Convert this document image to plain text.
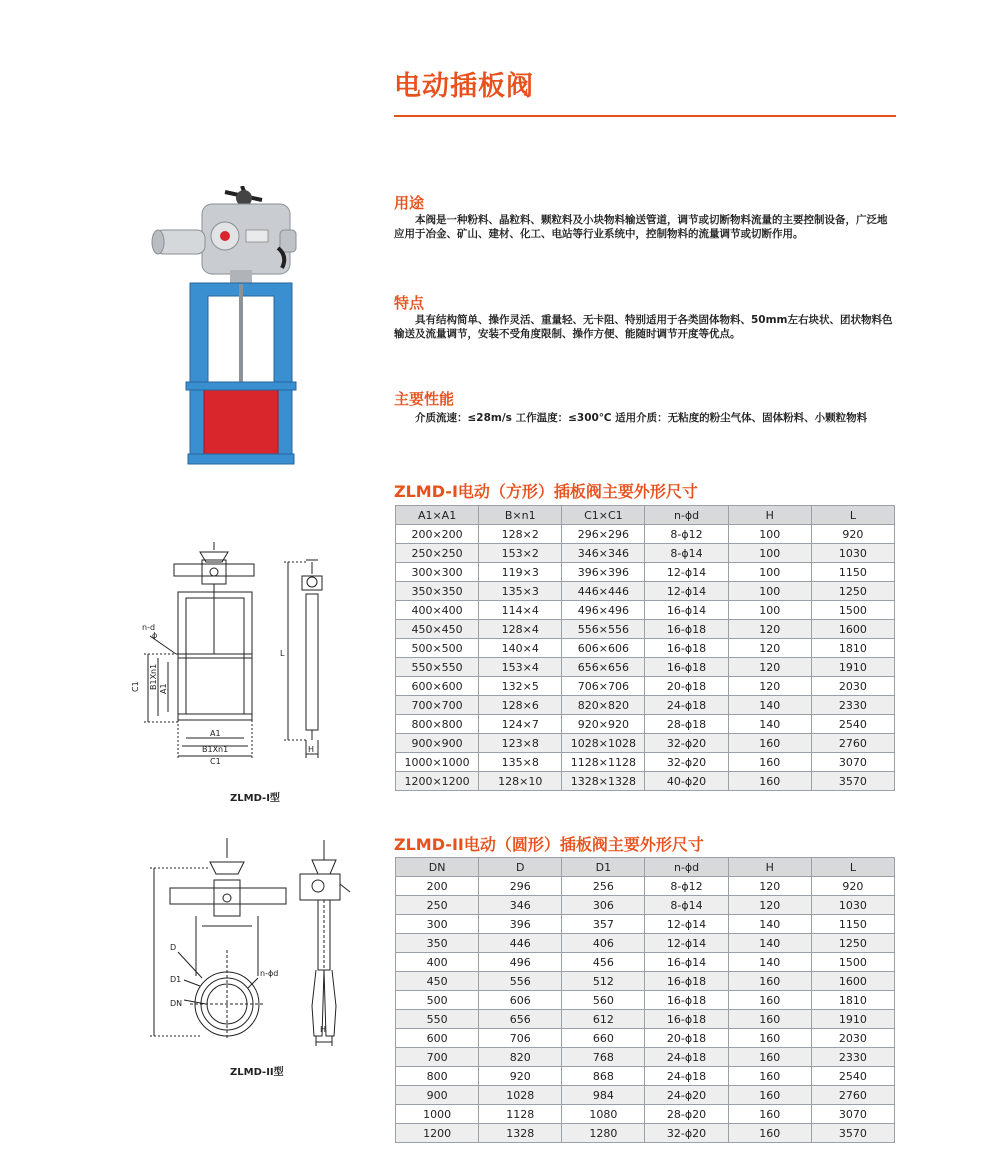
电动插板阀
用途
本阀是一种粉料、晶粒料、颗粒料及小块物料输送管道，调节或切断物料流量的主要控制设备，广泛地应用于冶金、矿山、建材、化工、电站等行业系统中，控制物料的流量调节或切断作用。
特点
具有结构简单、操作灵活、重量轻、无卡阻、特别适用于各类固体物料、50mm左右块状、团状物料色输送及流量调节，安装不受角度限制、操作方便、能随时调节开度等优点。
主要性能
介质流速：≤28m/s 工作温度：≤300℃ 适用介质：无粘度的粉尘气体、固体粉料、小颗粒物料
ZLMD-I电动（方形）插板阀主要外形尺寸
A1×A1	B×n1	C1×C1	n-ϕd	H	L
200×200	128×2	296×296	8-ϕ12	100	920
250×250	153×2	346×346	8-ϕ14	100	1030
300×300	119×3	396×396	12-ϕ14	100	1150
350×350	135×3	446×446	12-ϕ14	100	1250
400×400	114×4	496×496	16-ϕ14	100	1500
450×450	128×4	556×556	16-ϕ18	120	1600
500×500	140×4	606×606	16-ϕ18	120	1810
550×550	153×4	656×656	16-ϕ18	120	1910
600×600	132×5	706×706	20-ϕ18	120	2030
700×700	128×6	820×820	24-ϕ18	140	2330
800×800	124×7	920×920	28-ϕ18	140	2540
900×900	123×8	1028×1028	32-ϕ20	160	2760
1000×1000	135×8	1128×1128	32-ϕ20	160	3070
1200×1200	128×10	1328×1328	40-ϕ20	160	3570
ZLMD-II电动（圆形）插板阀主要外形尺寸
DN	D	D1	n-ϕd	H	L
200	296	256	8-ϕ12	120	920
250	346	306	8-ϕ14	120	1030
300	396	357	12-ϕ14	140	1150
350	446	406	12-ϕ14	140	1250
400	496	456	16-ϕ14	140	1500
450	556	512	16-ϕ18	160	1600
500	606	560	16-ϕ18	160	1810
550	656	612	16-ϕ18	160	1910
600	706	660	20-ϕ18	160	2030
700	820	768	24-ϕ18	160	2330
800	920	868	24-ϕ18	160	2540
900	1028	984	24-ϕ20	160	2760
1000	1128	1080	28-ϕ20	160	3070
1200	1328	1280	32-ϕ20	160	3570
n-d
ϕ
C1 B1Xn1 A1
A1
B1Xn1
C1
L
H
ZLMD-I型
D
D1
DN
n-ϕd
H
ZLMD-II型
